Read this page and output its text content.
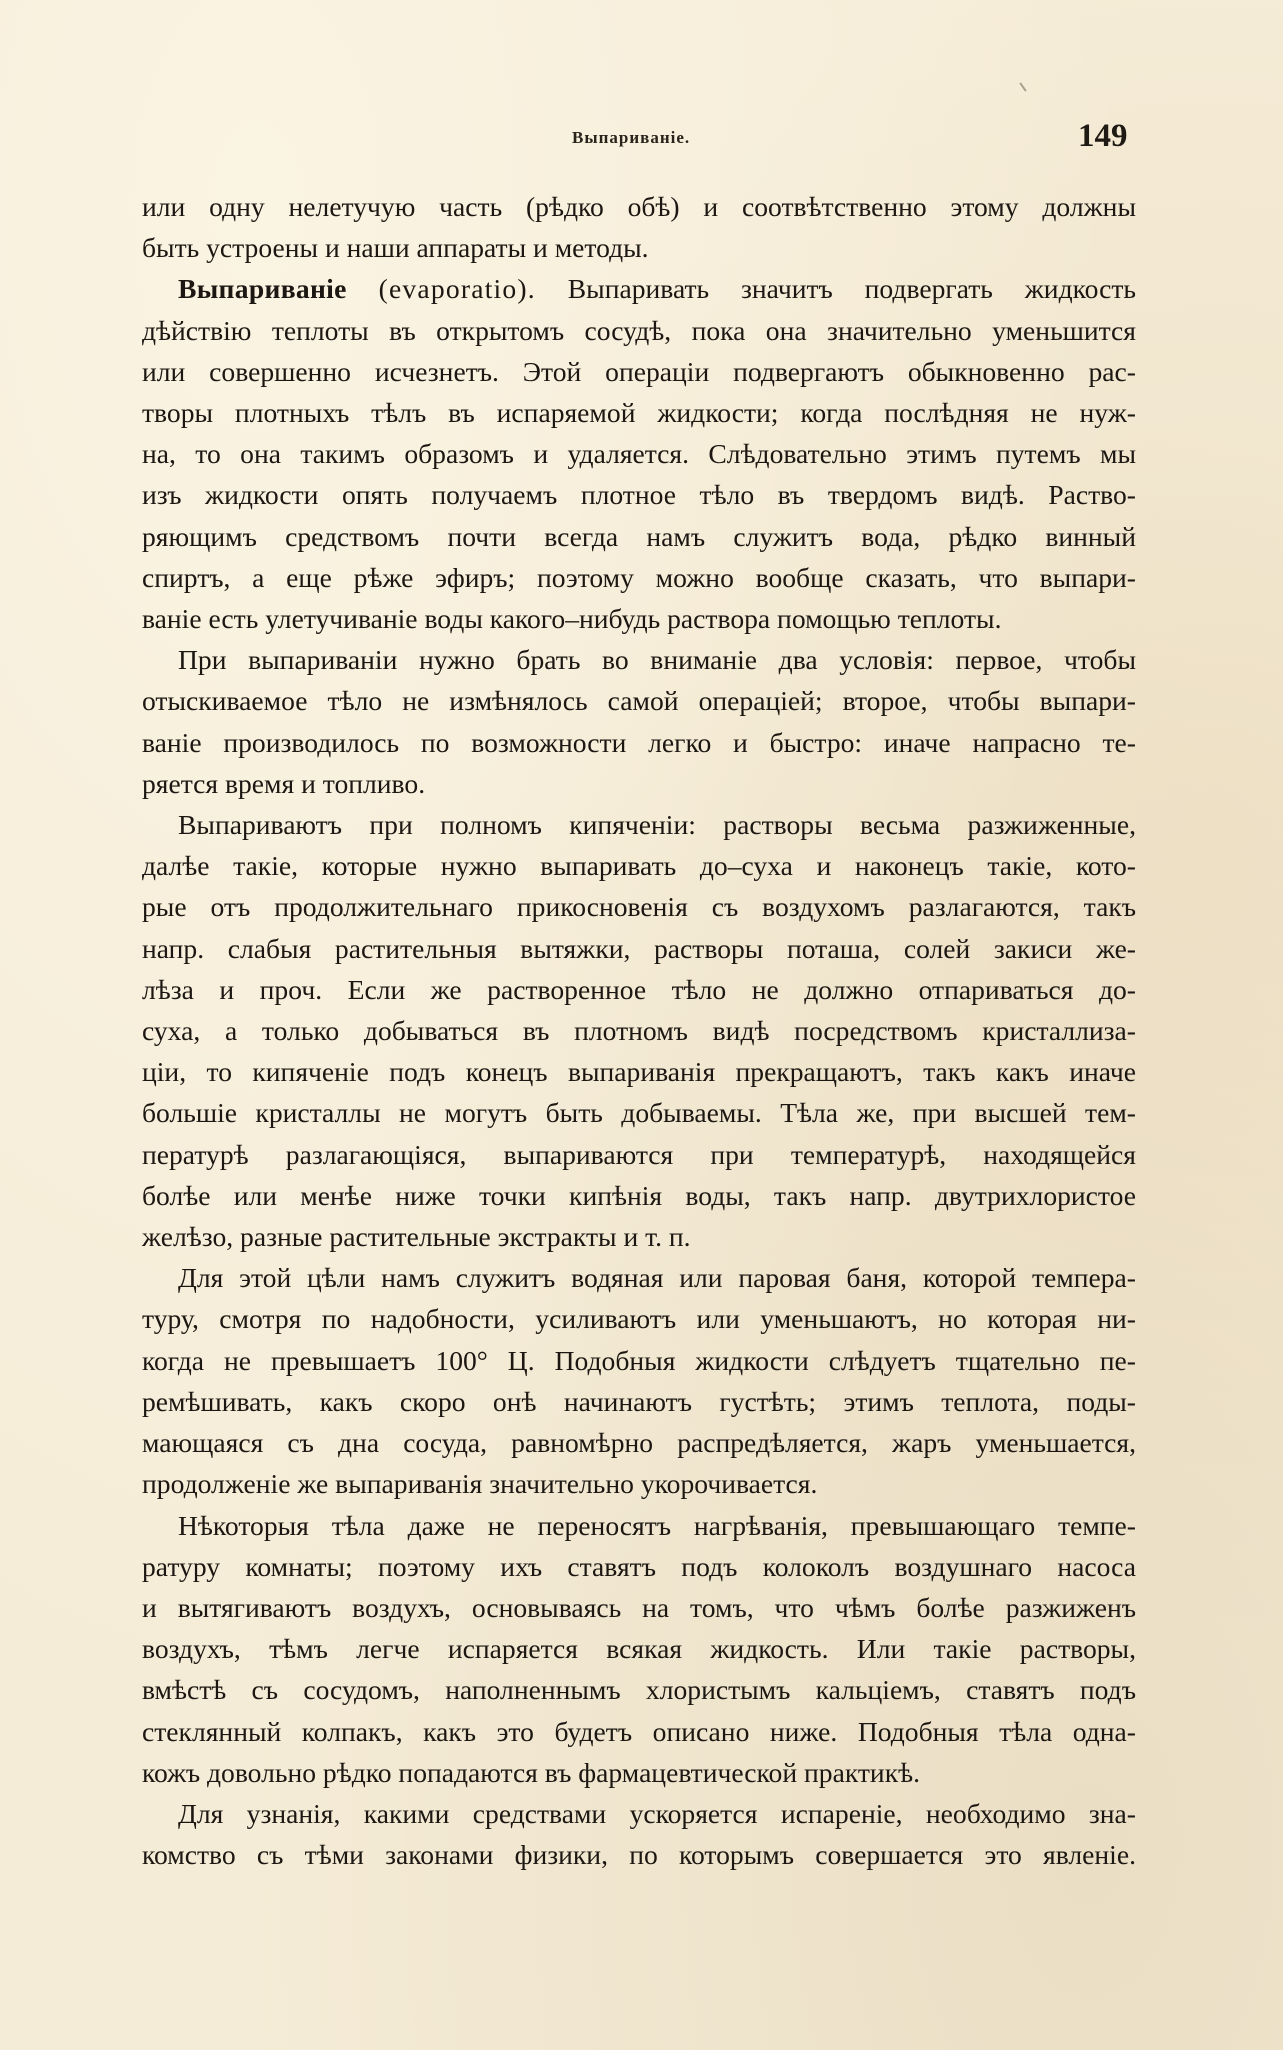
Выпариваніе.	149

или одну нелетучую часть (рѣдко обѣ) и соотвѣтственно этому должны

быть устроены и наши аппараты и методы.

Выпариваніе (evaporatio). Выпаривать значитъ подвергать жидкость

дѣйствію теплоты въ открытомъ сосудѣ, пока она значительно уменьшится

или совершенно исчезнетъ. Этой операціи подвергаютъ обыкновенно рас-

творы плотныхъ тѣлъ въ испаряемой жидкости; когда послѣдняя не нуж-

на, то она такимъ образомъ и удаляется. Слѣдовательно этимъ путемъ мы

изъ жидкости опять получаемъ плотное тѣло въ твердомъ видѣ. Раство-

ряющимъ средствомъ почти всегда намъ служитъ вода, рѣдко винный

спиртъ, а еще рѣже эфиръ; поэтому можно вообще сказать, что выпари-

ваніе есть улетучиваніе воды какого–нибудь раствора помощью теплоты.

При выпариваніи нужно брать во вниманіе два условія: первое, чтобы

отыскиваемое тѣло не измѣнялось самой операціей; второе, чтобы выпари-

ваніе производилось по возможности легко и быстро: иначе напрасно те-

ряется время и топливо.

Выпариваютъ при полномъ кипяченіи: растворы весьма разжиженные,

далѣе такіе, которые нужно выпаривать до–суха и наконецъ такіе, кото-

рые отъ продолжительнаго прикосновенія съ воздухомъ разлагаются, такъ

напр. слабыя растительныя вытяжки, растворы поташа, солей закиси же-

лѣза и проч. Если же растворенное тѣло не должно отпариваться до-

суха, а только добываться въ плотномъ видѣ посредствомъ кристаллиза-

ціи, то кипяченіе подъ конецъ выпариванія прекращаютъ, такъ какъ иначе

большіе кристаллы не могутъ быть добываемы. Тѣла же, при высшей тем-

пературѣ разлагающіяся, выпариваются при температурѣ, находящейся

болѣе или менѣе ниже точки кипѣнія воды, такъ напр. двутрихлористое

желѣзо, разные растительные экстракты и т. п.

Для этой цѣли намъ служитъ водяная или паровая баня, которой темпера-

туру, смотря по надобности, усиливаютъ или уменьшаютъ, но которая ни-

когда не превышаетъ 100° Ц. Подобныя жидкости слѣдуетъ тщательно пе-

ремѣшивать, какъ скоро онѣ начинаютъ густѣть; этимъ теплота, поды-

мающаяся съ дна сосуда, равномѣрно распредѣляется, жаръ уменьшается,

продолженіе же выпариванія значительно укорочивается.

Нѣкоторыя тѣла даже не переносятъ нагрѣванія, превышающаго темпе-

ратуру комнаты; поэтому ихъ ставятъ подъ колоколъ воздушнаго насоса

и вытягиваютъ воздухъ, основываясь на томъ, что чѣмъ болѣе разжиженъ

воздухъ, тѣмъ легче испаряется всякая жидкость. Или такіе растворы,

вмѣстѣ съ сосудомъ, наполненнымъ хлористымъ кальціемъ, ставятъ подъ

стеклянный колпакъ, какъ это будетъ описано ниже. Подобныя тѣла одна-

кожъ довольно рѣдко попадаются въ фармацевтической практикѣ.

Для узнанія, какими средствами ускоряется испареніе, необходимо зна-

комство съ тѣми законами физики, по которымъ совершается это явленіе.
